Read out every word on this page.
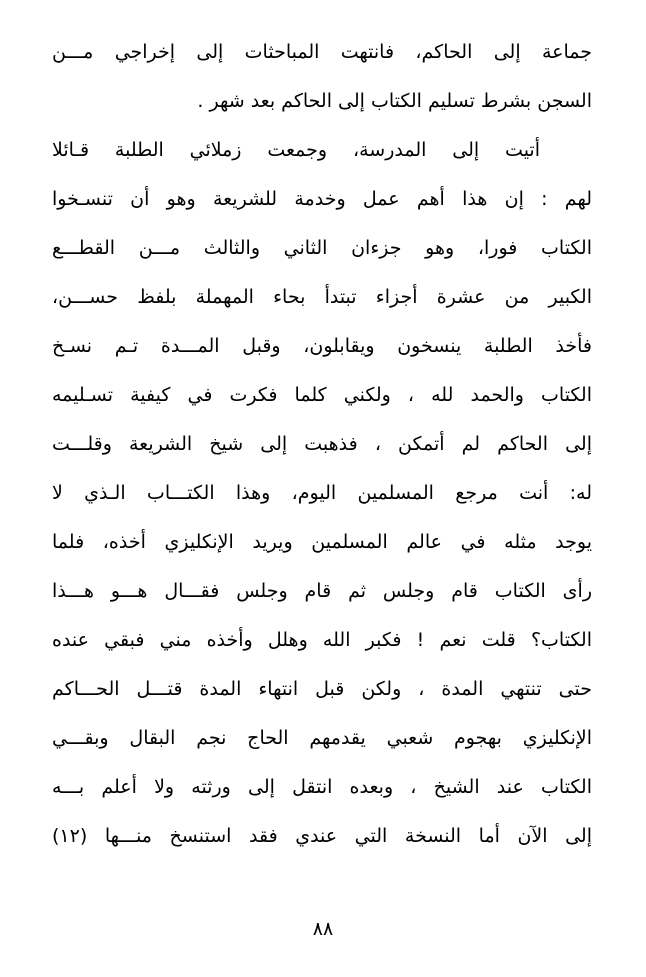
جماعة إلى الحاكم، فانتهت المباحثات إلى إخراجي مـــن
السجن بشرط تسليم الكتاب إلى الحاكم بعد شهر .
أتيت إلى المدرسة، وجمعت زملائي الطلبة قـائلا
لهم : إن هذا أهم عمل وخدمة للشريعة وهو أن تنسـخوا
الكتاب فورا، وهو جزءان الثاني والثالث مـــن القطـــع
الكبير من عشرة أجزاء تبتدأ بحاء المهملة بلفظ حســـن،
فأخذ الطلبة ينسخون ويقابلون، وقبل المـــدة تـم نسـخ
الكتاب والحمد لله ، ولكني كلما فكرت في كيفية تسـليمه
إلى الحاكم لم أتمكن ، فذهبت إلى شيخ الشريعة وقلـــت
له: أنت مرجع المسلمين اليوم، وهذا الكتـــاب الـذي لا
يوجد مثله في عالم المسلمين ويريد الإنكليزي أخذه، فلما
رأى الكتاب قام وجلس ثم قام وجلس فقـــال هـــو هـــذا
الكتاب؟ قلت نعم ! فكبر الله وهلل وأخذه مني فبقي عنده
حتى تنتهي المدة ، ولكن قبل انتهاء المدة قتـــل الحـــاكم
الإنكليزي بهجوم شعبي يقدمهم الحاج نجم البقال وبقـــي
الكتاب عند الشيخ ، وبعده انتقل إلى ورثته ولا أعلم بـــه
إلى الآن أما النسخة التي عندي فقد استنسخ منـــها (١٢)
٨٨
